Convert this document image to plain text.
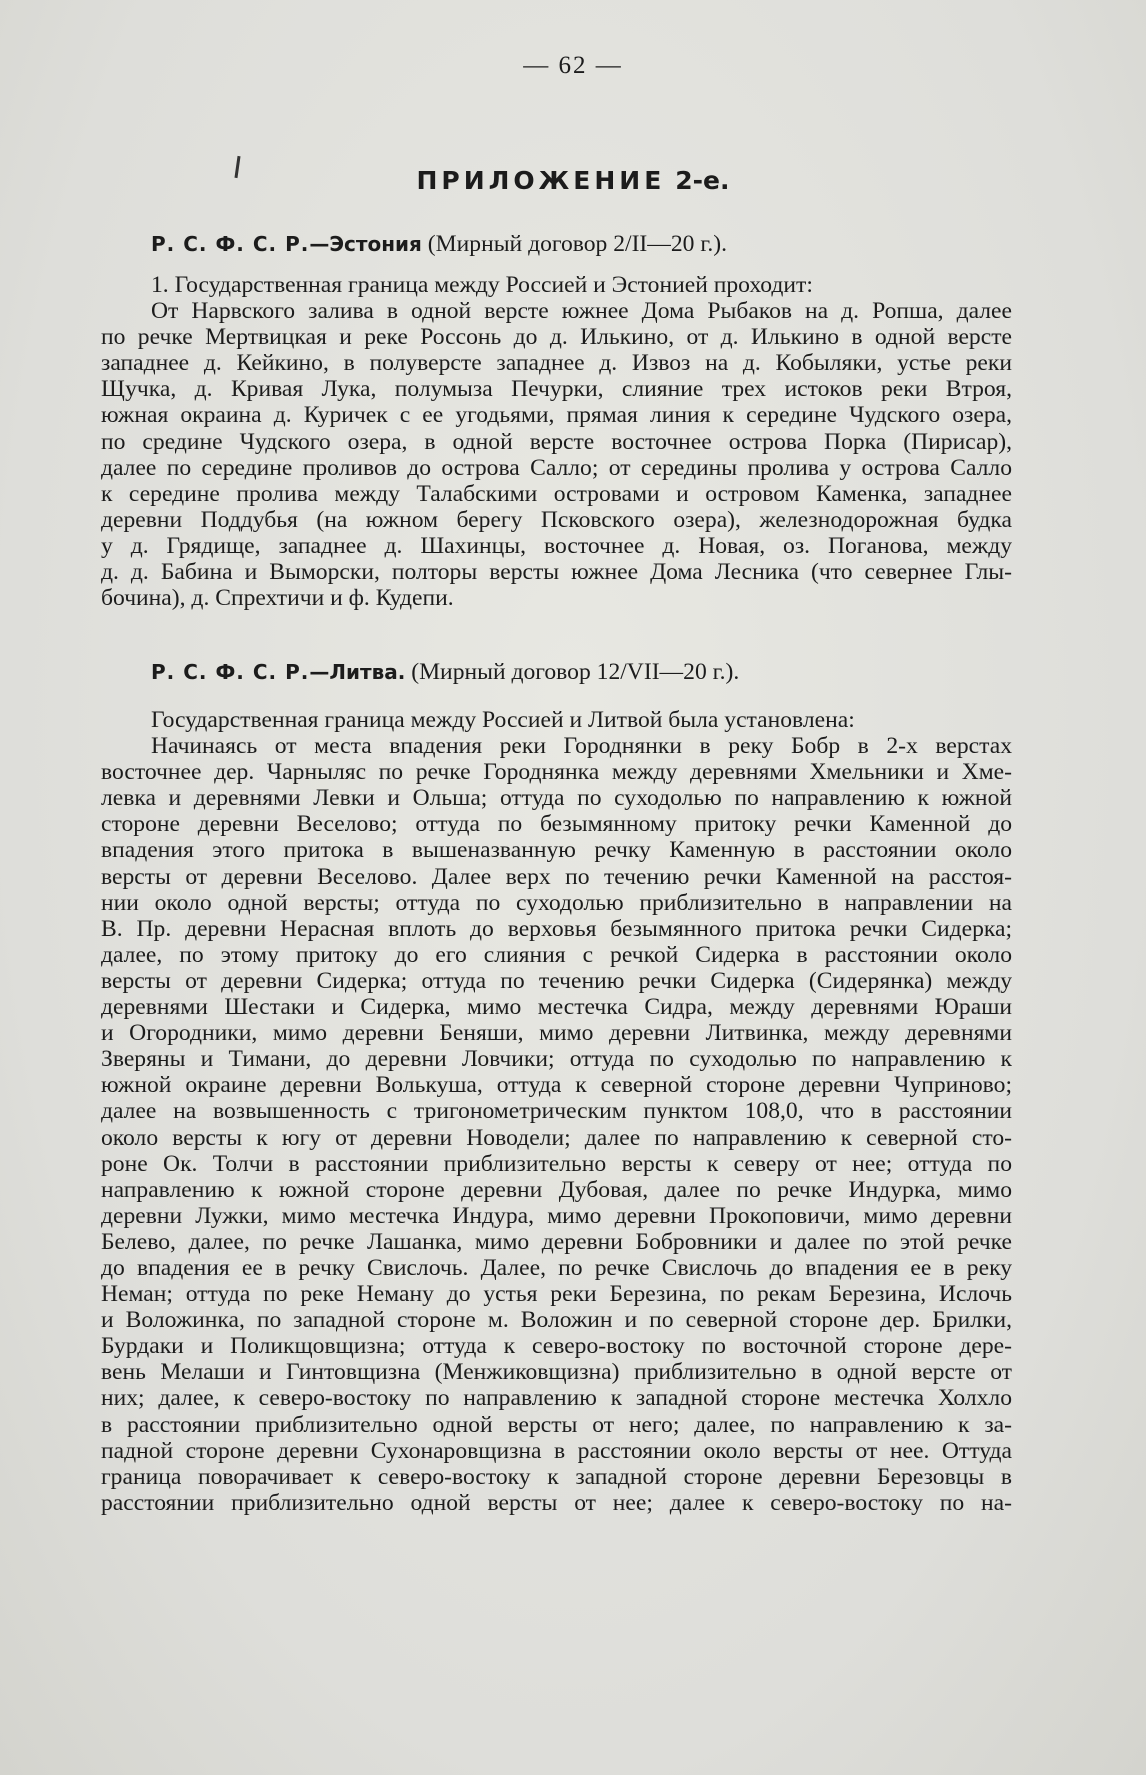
— 62 —
ПРИЛОЖЕНИЕ 2-е.
Р. С. Ф. С. Р.—Эстония (Мирный договор 2/II—20 г.).
1. Государственная граница между Россией и Эстонией проходит:
От Нарвского залива в одной версте южнее Дома Рыбаков на д. Ропша, далее
по речке Мертвицкая и реке Россонь до д. Илькино, от д. Илькино в одной версте
западнее д. Кейкино, в полуверсте западнее д. Извоз на д. Кобыляки, устье реки
Щучка, д. Кривая Лука, полумыза Печурки, слияние трех истоков реки Втроя,
южная окраина д. Куричек с ее угодьями, прямая линия к середине Чудского озера,
по средине Чудского озера, в одной версте восточнее острова Порка (Пирисар),
далее по середине проливов до острова Салло; от середины пролива у острова Салло
к середине пролива между Талабскими островами и островом Каменка, западнее
деревни Поддубья (на южном берегу Псковского озера), железнодорожная будка
у д. Грядище, западнее д. Шахинцы, восточнее д. Новая, оз. Поганова, между
д. д. Бабина и Выморски, полторы версты южнее Дома Лесника (что севернее Глы-
бочина), д. Спрехтичи и ф. Кудепи.
Р. С. Ф. С. Р.—Литва. (Мирный договор 12/VII—20 г.).
Государственная граница между Россией и Литвой была установлена:
Начинаясь от места впадения реки Городнянки в реку Бобр в 2-х верстах
восточнее дер. Чарныляс по речке Городнянка между деревнями Хмельники и Хме-
левка и деревнями Левки и Ольша; оттуда по суходолью по направлению к южной
стороне деревни Веселово; оттуда по безымянному притоку речки Каменной до
впадения этого притока в вышеназванную речку Каменную в расстоянии около
версты от деревни Веселово. Далее верх по течению речки Каменной на расстоя-
нии около одной версты; оттуда по суходолью приблизительно в направлении на
В. Пр. деревни Нерасная вплоть до верховья безымянного притока речки Сидерка;
далее, по этому притоку до его слияния с речкой Сидерка в расстоянии около
версты от деревни Сидерка; оттуда по течению речки Сидерка (Сидерянка) между
деревнями Шестаки и Сидерка, мимо местечка Сидра, между деревнями Юраши
и Огородники, мимо деревни Беняши, мимо деревни Литвинка, между деревнями
Зверяны и Тимани, до деревни Ловчики; оттуда по суходолью по направлению к
южной окраине деревни Волькуша, оттуда к северной стороне деревни Чуприново;
далее на возвышенность с тригонометрическим пунктом 108,0, что в расстоянии
около версты к югу от деревни Новодели; далее по направлению к северной сто-
роне Ок. Толчи в расстоянии приблизительно версты к северу от нее; оттуда по
направлению к южной стороне деревни Дубовая, далее по речке Индурка, мимо
деревни Лужки, мимо местечка Индура, мимо деревни Прокоповичи, мимо деревни
Белево, далее, по речке Лашанка, мимо деревни Бобровники и далее по этой речке
до впадения ее в речку Свислочь. Далее, по речке Свислочь до впадения ее в реку
Неман; оттуда по реке Неману до устья реки Березина, по рекам Березина, Ислочь
и Воложинка, по западной стороне м. Воложин и по северной стороне дер. Брилки,
Бурдаки и Поликщовщизна; оттуда к северо-востоку по восточной стороне дере-
вень Мелаши и Гинтовщизна (Менжиковщизна) приблизительно в одной версте от
них; далее, к северо-востоку по направлению к западной стороне местечка Холхло
в расстоянии приблизительно одной версты от него; далее, по направлению к за-
падной стороне деревни Сухонаровщизна в расстоянии около версты от нее. Оттуда
граница поворачивает к северо-востоку к западной стороне деревни Березовцы в
расстоянии приблизительно одной версты от нее; далее к северо-востоку по на-
